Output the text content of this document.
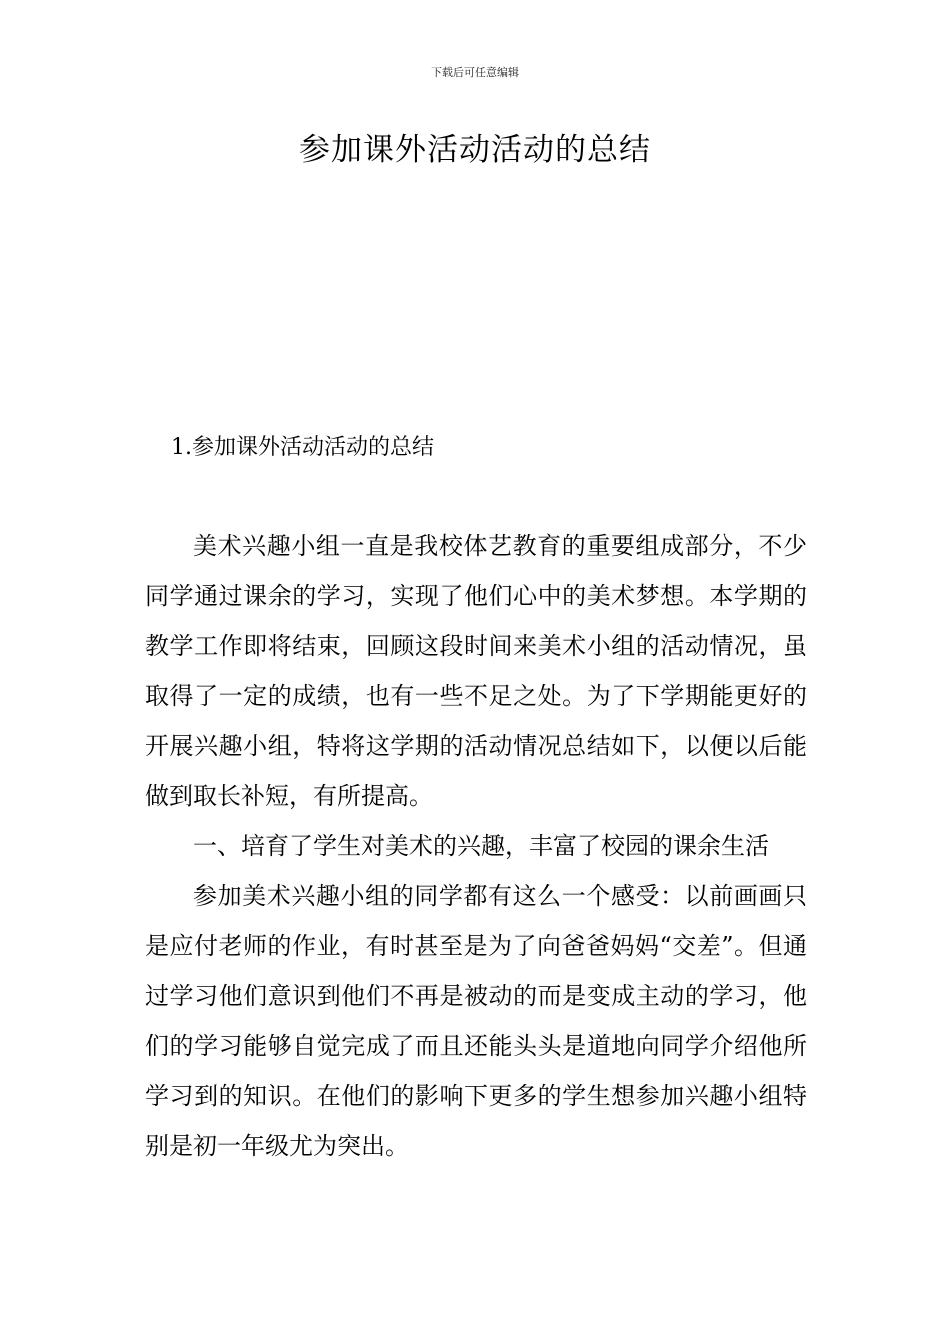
下载后可任意编辑
参加课外活动活动的总结
1.参加课外活动活动的总结

美术兴趣小组一直是我校体艺教育的重要组成部分，不少同学通过课余的学习，实现了他们心中的美术梦想。本学期的教学工作即将结束，回顾这段时间来美术小组的活动情况，虽取得了一定的成绩，也有一些不足之处。为了下学期能更好的开展兴趣小组，特将这学期的活动情况总结如下，以便以后能做到取长补短，有所提高。

一、培育了学生对美术的兴趣，丰富了校园的课余生活

参加美术兴趣小组的同学都有这么一个感受：以前画画只是应付老师的作业，有时甚至是为了向爸爸妈妈“交差”。但通过学习他们意识到他们不再是被动的而是变成主动的学习，他们的学习能够自觉完成了而且还能头头是道地向同学介绍他所学习到的知识。在他们的影响下更多的学生想参加兴趣小组特别是初一年级尤为突出。
